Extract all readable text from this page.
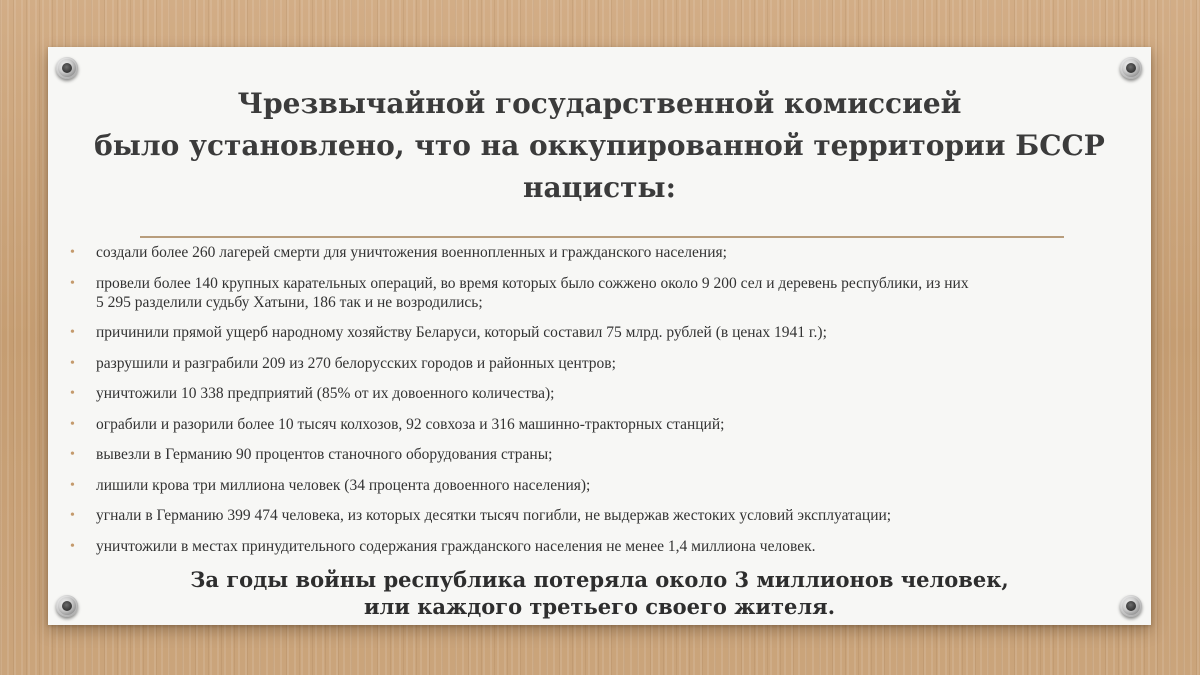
Чрезвычайной государственной комиссией
было установлено, что на оккупированной территории БССР
нацисты:
•	создали более 260 лагерей смерти для уничтожения военнопленных и гражданского населения;
•	провели более 140 крупных карательных операций, во время которых было сожжено около 9 200 сел и деревень республики, из них
5 295 разделили судьбу Хатыни, 186 так и не возродились;
•	причинили прямой ущерб народному хозяйству Беларуси, который составил 75 млрд. рублей (в ценах 1941 г.);
•	разрушили и разграбили 209 из 270 белорусских городов и районных центров;
•	уничтожили 10 338 предприятий (85% от их довоенного количества);
•	ограбили и разорили более 10 тысяч колхозов, 92 совхоза и 316 машинно-тракторных станций;
•	вывезли в Германию 90 процентов станочного оборудования страны;
•	лишили крова три миллиона человек (34 процента довоенного населения);
•	угнали в Германию 399 474 человека, из которых десятки тысяч погибли, не выдержав жестоких условий эксплуатации;
•	уничтожили в местах принудительного содержания гражданского населения не менее 1,4 миллиона человек.
За годы войны республика потеряла около 3 миллионов человек,
или каждого третьего своего жителя.
